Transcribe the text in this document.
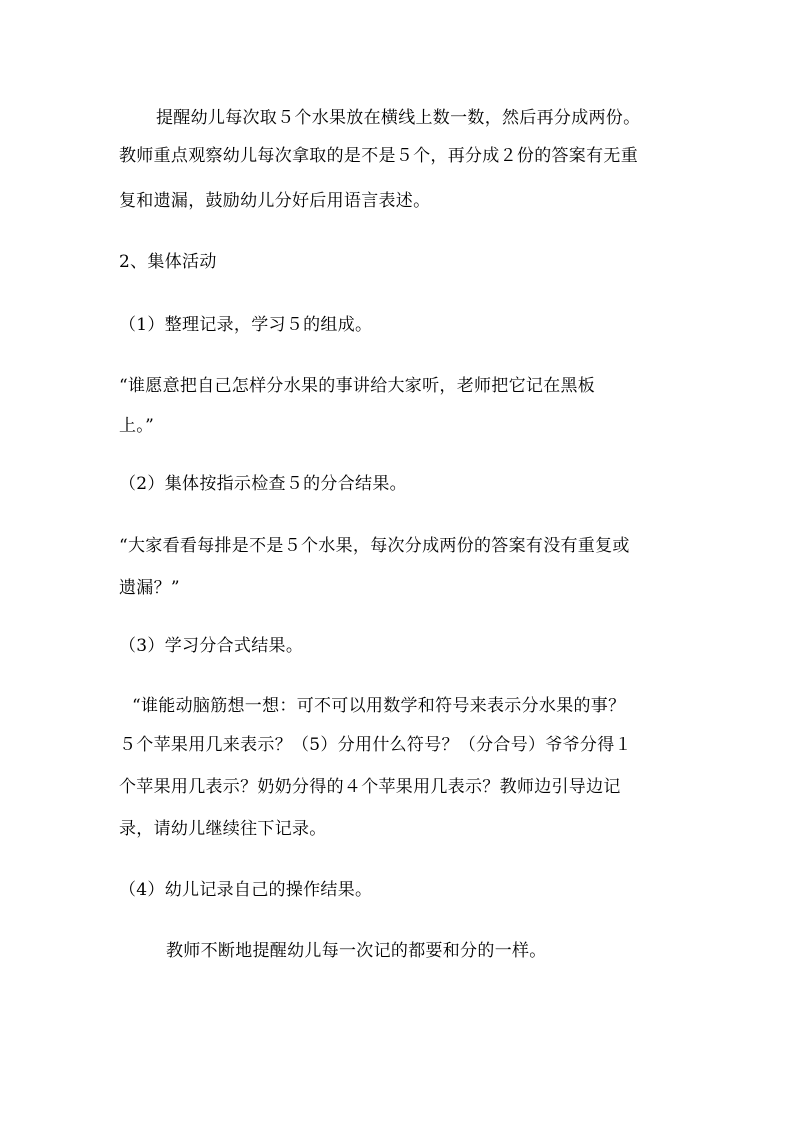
提醒幼儿每次取５个水果放在横线上数一数，然后再分成两份。
教师重点观察幼儿每次拿取的是不是５个，再分成２份的答案有无重
复和遗漏，鼓励幼儿分好后用语言表述。
2、集体活动
（1）整理记录，学习５的组成。
“谁愿意把自己怎样分水果的事讲给大家听，老师把它记在黑板
上。”
（2）集体按指示检查５的分合结果。
“大家看看每排是不是５个水果，每次分成两份的答案有没有重复或
遗漏？”
（3）学习分合式结果。
“谁能动脑筋想一想：可不可以用数学和符号来表示分水果的事？
５个苹果用几来表示？（5）分用什么符号？（分合号）爷爷分得１
个苹果用几表示？奶奶分得的４个苹果用几表示？教师边引导边记
录，请幼儿继续往下记录。
（4）幼儿记录自己的操作结果。
教师不断地提醒幼儿每一次记的都要和分的一样。
